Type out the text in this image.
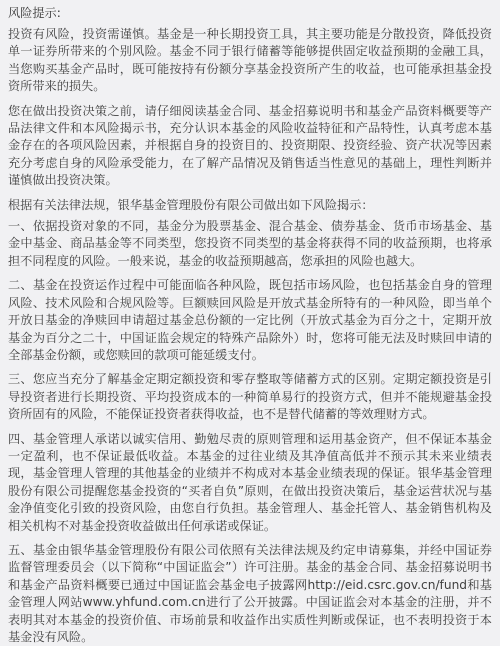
风险提示:

投资有风险，投资需谨慎。基金是一种长期投资工具，其主要功能是分散投资，降低投资单一证券所带来的个别风险。基金不同于银行储蓄等能够提供固定收益预期的金融工具，当您购买基金产品时，既可能按持有份额分享基金投资所产生的收益，也可能承担基金投资所带来的损失。

您在做出投资决策之前，请仔细阅读基金合同、基金招募说明书和基金产品资料概要等产品法律文件和本风险揭示书，充分认识本基金的风险收益特征和产品特性，认真考虑本基金存在的各项风险因素，并根据自身的投资目的、投资期限、投资经验、资产状况等因素充分考虑自身的风险承受能力，在了解产品情况及销售适当性意见的基础上，理性判断并谨慎做出投资决策。

根据有关法律法规，银华基金管理股份有限公司做出如下风险揭示：

一、依据投资对象的不同，基金分为股票基金、混合基金、债券基金、货币市场基金、基金中基金、商品基金等不同类型，您投资不同类型的基金将获得不同的收益预期，也将承担不同程度的风险。一般来说，基金的收益预期越高，您承担的风险也越大。

二、基金在投资运作过程中可能面临各种风险，既包括市场风险，也包括基金自身的管理风险、技术风险和合规风险等。巨额赎回风险是开放式基金所特有的一种风险，即当单个开放日基金的净赎回申请超过基金总份额的一定比例（开放式基金为百分之十，定期开放基金为百分之二十，中国证监会规定的特殊产品除外）时，您将可能无法及时赎回申请的全部基金份额，或您赎回的款项可能延缓支付。

三、您应当充分了解基金定期定额投资和零存整取等储蓄方式的区别。定期定额投资是引导投资者进行长期投资、平均投资成本的一种简单易行的投资方式，但并不能规避基金投资所固有的风险，不能保证投资者获得收益，也不是替代储蓄的等效理财方式。

四、基金管理人承诺以诚实信用、勤勉尽责的原则管理和运用基金资产，但不保证本基金一定盈利，也不保证最低收益。本基金的过往业绩及其净值高低并不预示其未来业绩表现，基金管理人管理的其他基金的业绩并不构成对本基金业绩表现的保证。银华基金管理股份有限公司提醒您基金投资的“买者自负”原则，在做出投资决策后，基金运营状况与基金净值变化引致的投资风险，由您自行负担。基金管理人、基金托管人、基金销售机构及相关机构不对基金投资收益做出任何承诺或保证。

五、基金由银华基金管理股份有限公司依照有关法律法规及约定申请募集，并经中国证券监督管理委员会（以下简称“中国证监会”）许可注册。基金的基金合同、基金招募说明书和基金产品资料概要已通过中国证监会基金电子披露网http://eid.csrc.gov.cn/fund和基金管理人网站www.yhfund.com.cn进行了公开披露。中国证监会对本基金的注册，并不表明其对本基金的投资价值、市场前景和收益作出实质性判断或保证，也不表明投资于本基金没有风险。
